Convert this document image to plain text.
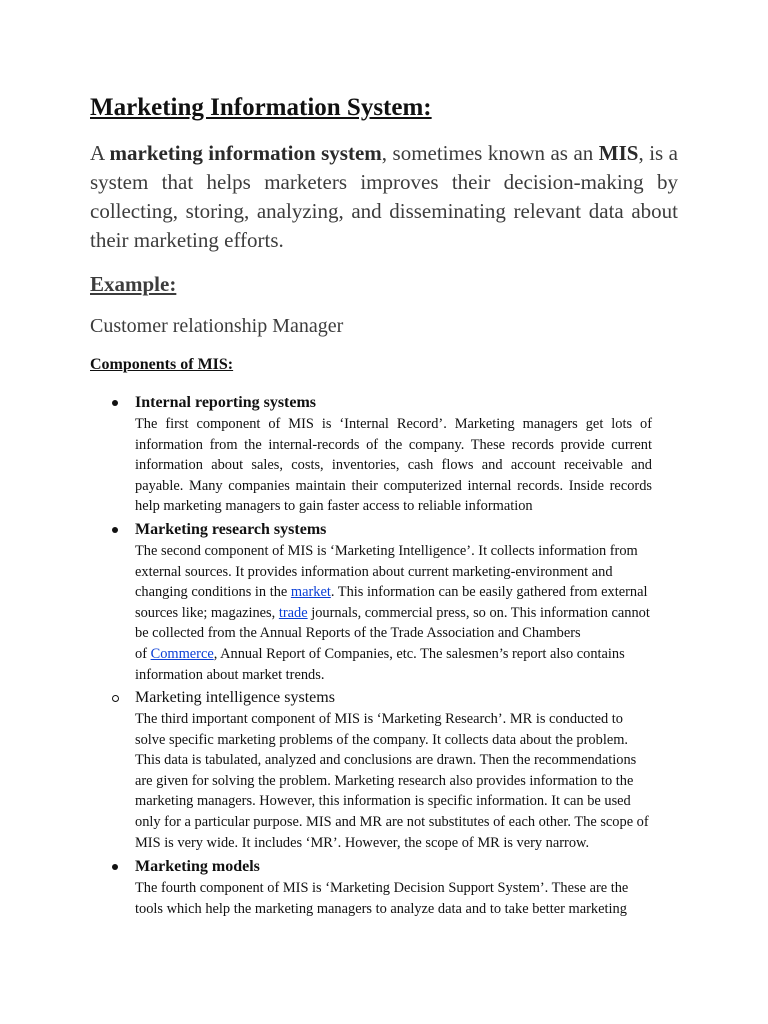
Marketing Information System:

A marketing information system, sometimes known as an MIS, is a system that helps marketers improves their decision-making by collecting, storing, analyzing, and disseminating relevant data about their marketing efforts.

Example:
Customer relationship Manager
Components of MIS:
Internal reporting systems

The first component of MIS is ‘Internal Record’. Marketing managers get lots of information from the internal-records of the company. These records provide current information about sales, costs, inventories, cash flows and account receivable and payable. Many companies maintain their computerized internal records. Inside records help marketing managers to gain faster access to reliable information

Marketing research systems
The second component of MIS is ‘Marketing Intelligence’. It collects information from
external sources. It provides information about current marketing-environment and
changing conditions in the market. This information can be easily gathered from external
sources like; magazines, trade journals, commercial press, so on. This information cannot
be collected from the Annual Reports of the Trade Association and Chambers
of Commerce, Annual Report of Companies, etc. The salesmen’s report also contains
information about market trends.
Marketing intelligence systems
The third important component of MIS is ‘Marketing Research’. MR is conducted to
solve specific marketing problems of the company. It collects data about the problem.
This data is tabulated, analyzed and conclusions are drawn. Then the recommendations
are given for solving the problem. Marketing research also provides information to the
marketing managers. However, this information is specific information. It can be used
only for a particular purpose. MIS and MR are not substitutes of each other. The scope of
MIS is very wide. It includes ‘MR’. However, the scope of MR is very narrow.
Marketing models
The fourth component of MIS is ‘Marketing Decision Support System’. These are the
tools which help the marketing managers to analyze data and to take better marketing
